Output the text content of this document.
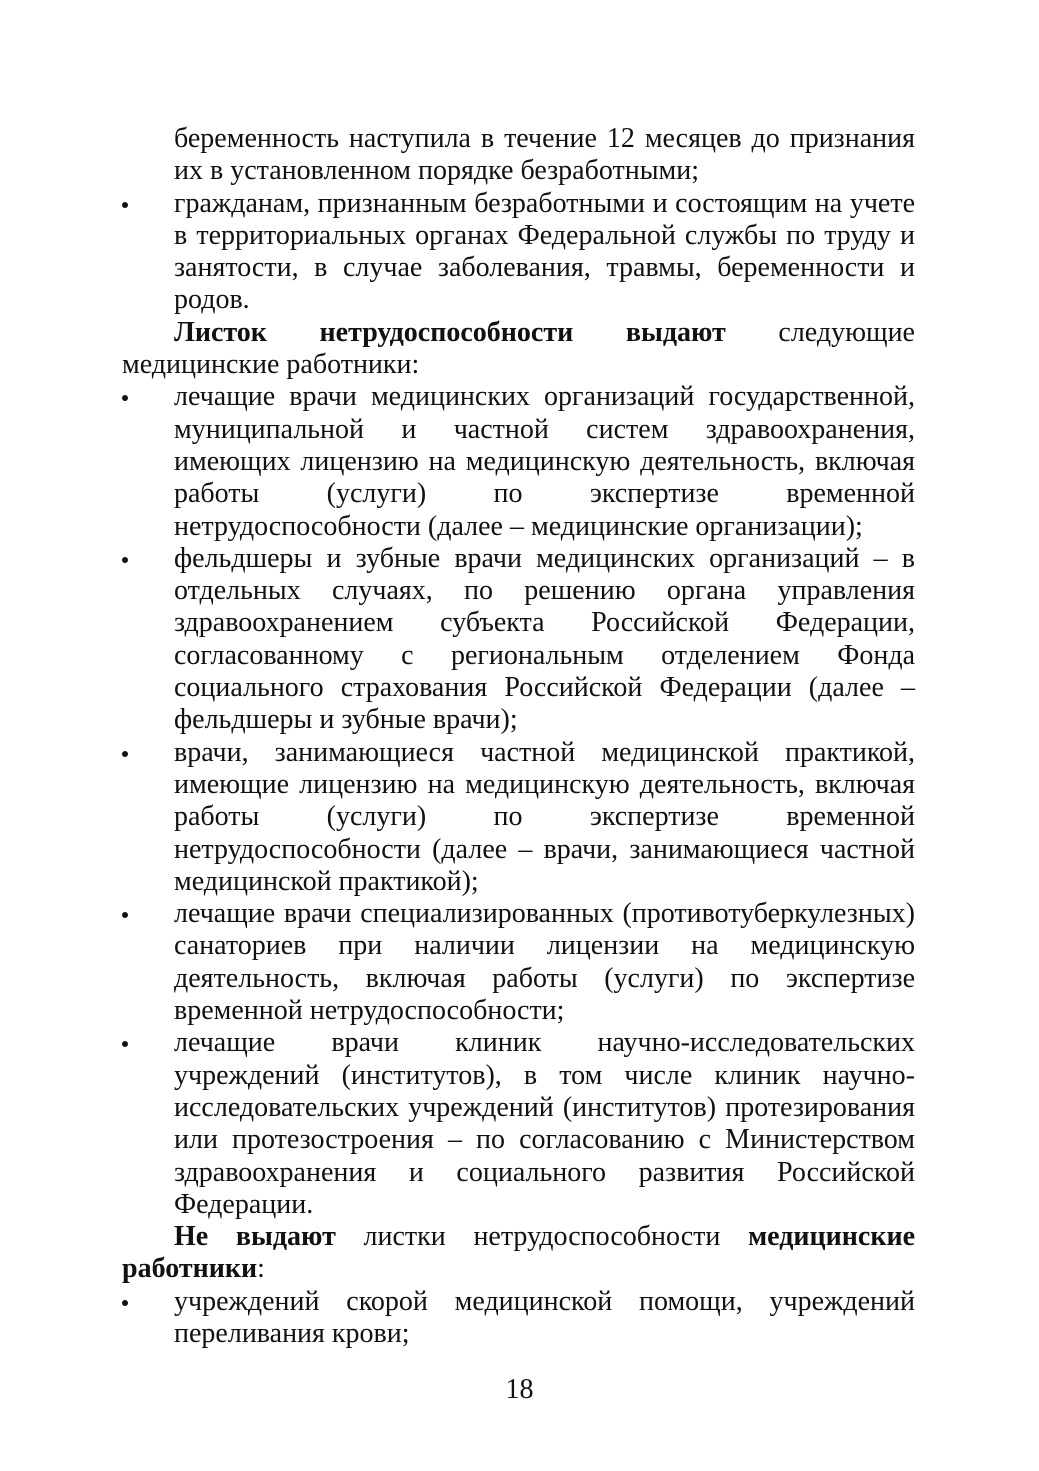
беременность наступила в течение 12 месяцев до признания их в установленном порядке безработными;

гражданам, признанным безработными и состоящим на учете в территориальных органах Федеральной службы по труду и занятости, в случае заболевания, травмы, беременности и родов.

Листок нетрудоспособности выдают следующие медицинские работники:

лечащие врачи медицинских организаций государственной, муниципальной и частной систем здравоохранения, имеющих лицензию на медицинскую деятельность, включая работы (услуги) по экспертизе временной нетрудоспособности (далее – медицинские организации);

фельдшеры и зубные врачи медицинских организаций – в отдельных случаях, по решению органа управления здравоохранением субъекта Российской Федерации, согласованному с региональным отделением Фонда социального страхования Российской Федерации (далее – фельдшеры и зубные врачи);

врачи, занимающиеся частной медицинской практикой, имеющие лицензию на медицинскую деятельность, включая работы (услуги) по экспертизе временной нетрудоспособности (далее – врачи, занимающиеся частной медицинской практикой);

лечащие врачи специализированных (противотуберкулезных) санаториев при наличии лицензии на медицинскую деятельность, включая работы (услуги) по экспертизе временной нетрудоспособности;

лечащие врачи клиник научно-исследовательских учреждений (институтов), в том числе клиник научно-

исследовательских учреждений (институтов) протезирования или протезостроения – по согласованию с Министерством здравоохранения и социального развития Российской Федерации.

Не выдают листки нетрудоспособности медицинские работники:

учреждений скорой медицинской помощи, учреждений переливания крови;

18
